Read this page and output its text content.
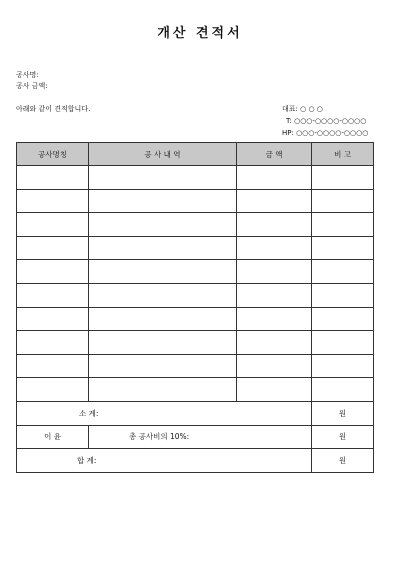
개산 견적서
공사명:
공사 금액:
아래와 같이 견적합니다.	대표: ○ ○ ○
T: ○○○-○○○○-○○○○
HP: ○○○-○○○○-○○○○
공사명칭	공 사 내 역	금 액	비 고

소 계:			원
이 윤	총 공사비의 10%:		원
합 계:			원
